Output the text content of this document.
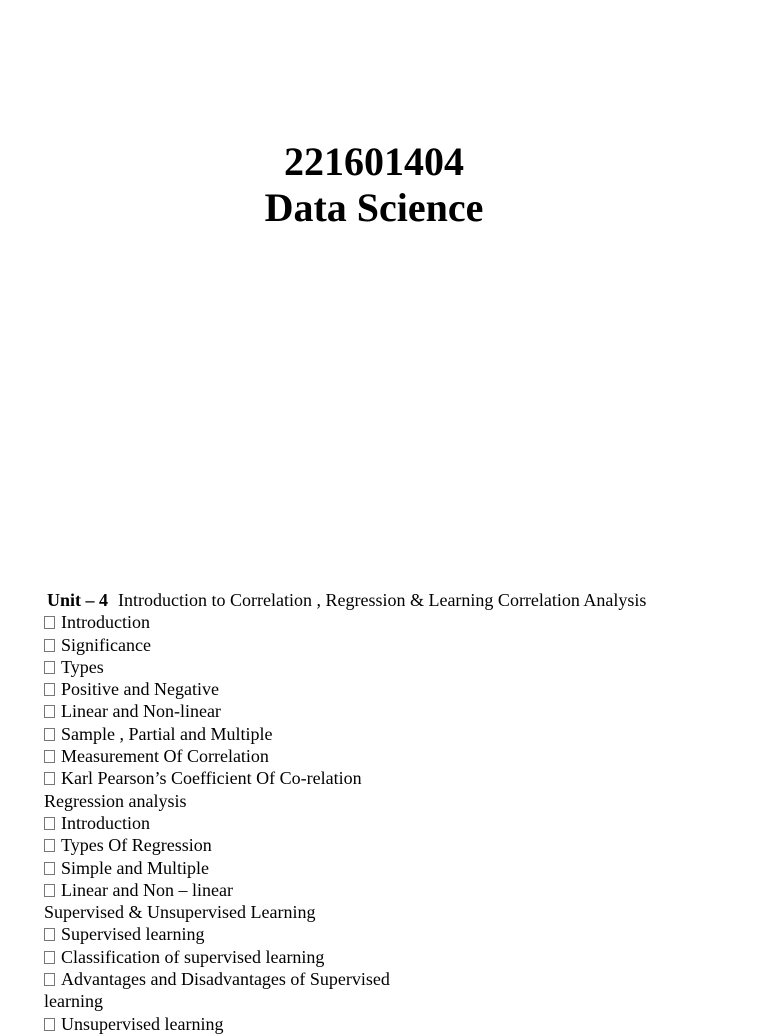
221601404
Data Science
Unit – 4 Introduction to Correlation , Regression & Learning Correlation Analysis
Introduction
Significance
Types
Positive and Negative
Linear and Non-linear
Sample , Partial and Multiple
Measurement Of Correlation
Karl Pearson’s Coefficient Of Co-relation
Regression analysis
Introduction
Types Of Regression
Simple and Multiple
Linear and Non – linear
Supervised & Unsupervised Learning
Supervised learning
Classification of supervised learning
Advantages and Disadvantages of Supervised
learning
Unsupervised learning
